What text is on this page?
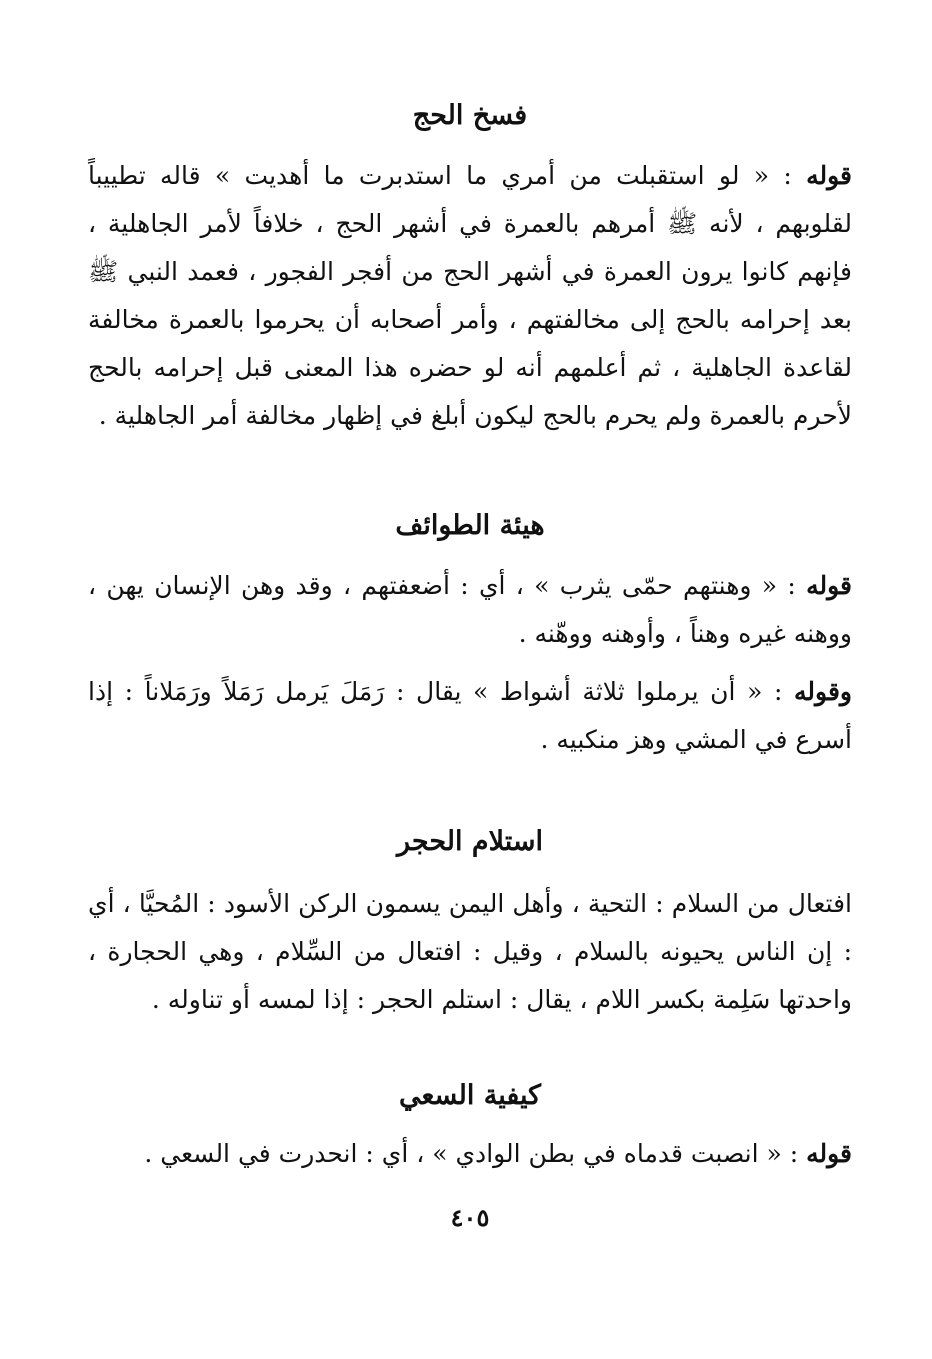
فسخ الحج

قوله : « لو استقبلت من أمري ما استدبرت ما أهديت » قاله تطييباً لقلوبهم ، لأنه ﷺ أمرهم بالعمرة في أشهر الحج ، خلافاً لأمر الجاهلية ، فإنهم كانوا يرون العمرة في أشهر الحج من أفجر الفجور ، فعمد النبي ﷺ بعد إحرامه بالحج إلى مخالفتهم ، وأمر أصحابه أن يحرموا بالعمرة مخالفة لقاعدة الجاهلية ، ثم أعلمهم أنه لو حضره هذا المعنى قبل إحرامه بالحج لأحرم بالعمرة ولم يحرم بالحج ليكون أبلغ في إظهار مخالفة أمر الجاهلية .

هيئة الطوائف

قوله : « وهنتهم حمّى يثرب » ، أي : أضعفتهم ، وقد وهن الإنسان يهن ، ووهنه غيره وهناً ، وأوهنه ووهّنه .

وقوله : « أن يرملوا ثلاثة أشواط » يقال : رَمَلَ يَرمل رَمَلاً ورَمَلاناً : إذا أسرع في المشي وهز منكبيه .

استلام الحجر

افتعال من السلام : التحية ، وأهل اليمن يسمون الركن الأسود : المُحيَّا ، أي : إن الناس يحيونه بالسلام ، وقيل : افتعال من السِّلام ، وهي الحجارة ، واحدتها سَلِمة بكسر اللام ، يقال : استلم الحجر : إذا لمسه أو تناوله .

كيفية السعي

قوله : « انصبت قدماه في بطن الوادي » ، أي : انحدرت في السعي .

٤٠٥
